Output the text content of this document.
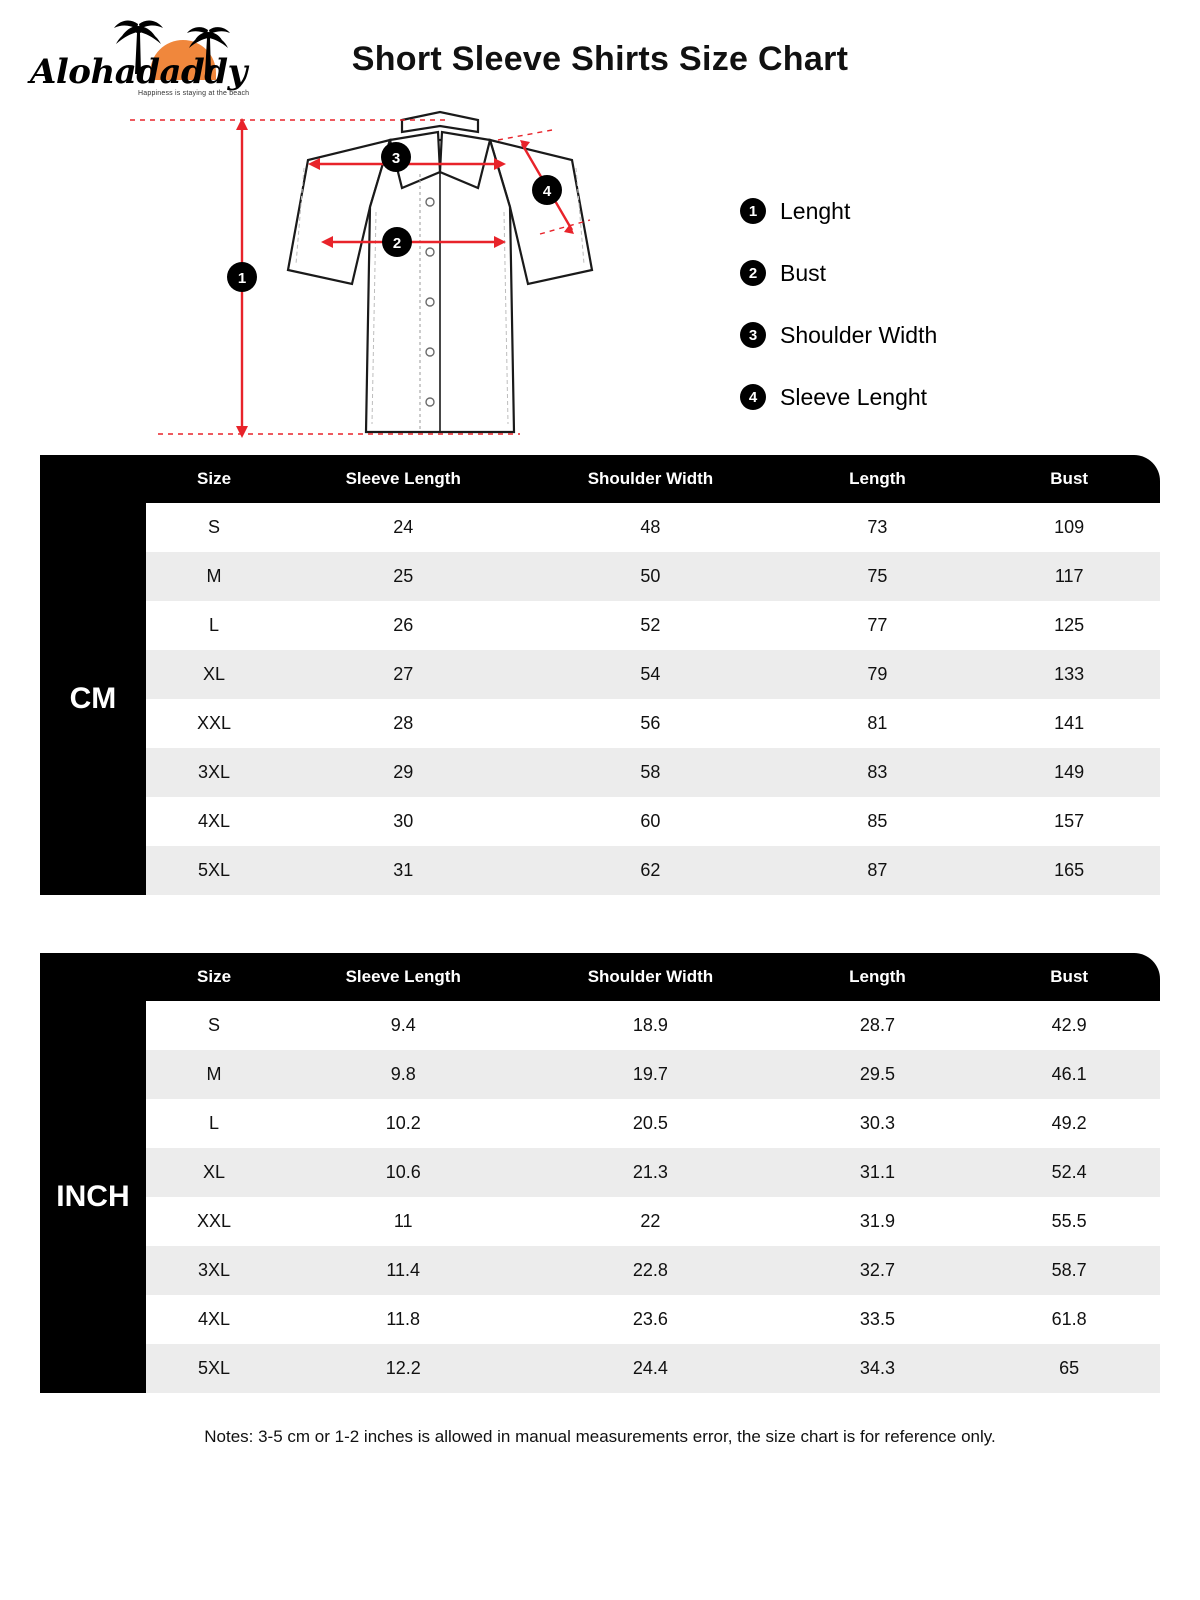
Alohadaddy
Happiness is staying at the beach
Short Sleeve Shirts Size Chart
1
2
3
4
1 Lenght
2 Bust
3 Shoulder Width
4 Sleeve Lenght
	Size	Sleeve Length	Shoulder Width	Length	Bust
CM	S	24	48	73	109
	M	25	50	75	117
	L	26	52	77	125
	XL	27	54	79	133
	XXL	28	56	81	141
	3XL	29	58	83	149
	4XL	30	60	85	157
	5XL	31	62	87	165
	Size	Sleeve Length	Shoulder Width	Length	Bust
INCH	S	9.4	18.9	28.7	42.9
	M	9.8	19.7	29.5	46.1
	L	10.2	20.5	30.3	49.2
	XL	10.6	21.3	31.1	52.4
	XXL	11	22	31.9	55.5
	3XL	11.4	22.8	32.7	58.7
	4XL	11.8	23.6	33.5	61.8
	5XL	12.2	24.4	34.3	65
Notes: 3-5 cm or 1-2 inches is allowed in manual measurements error, the size chart is for reference only.
